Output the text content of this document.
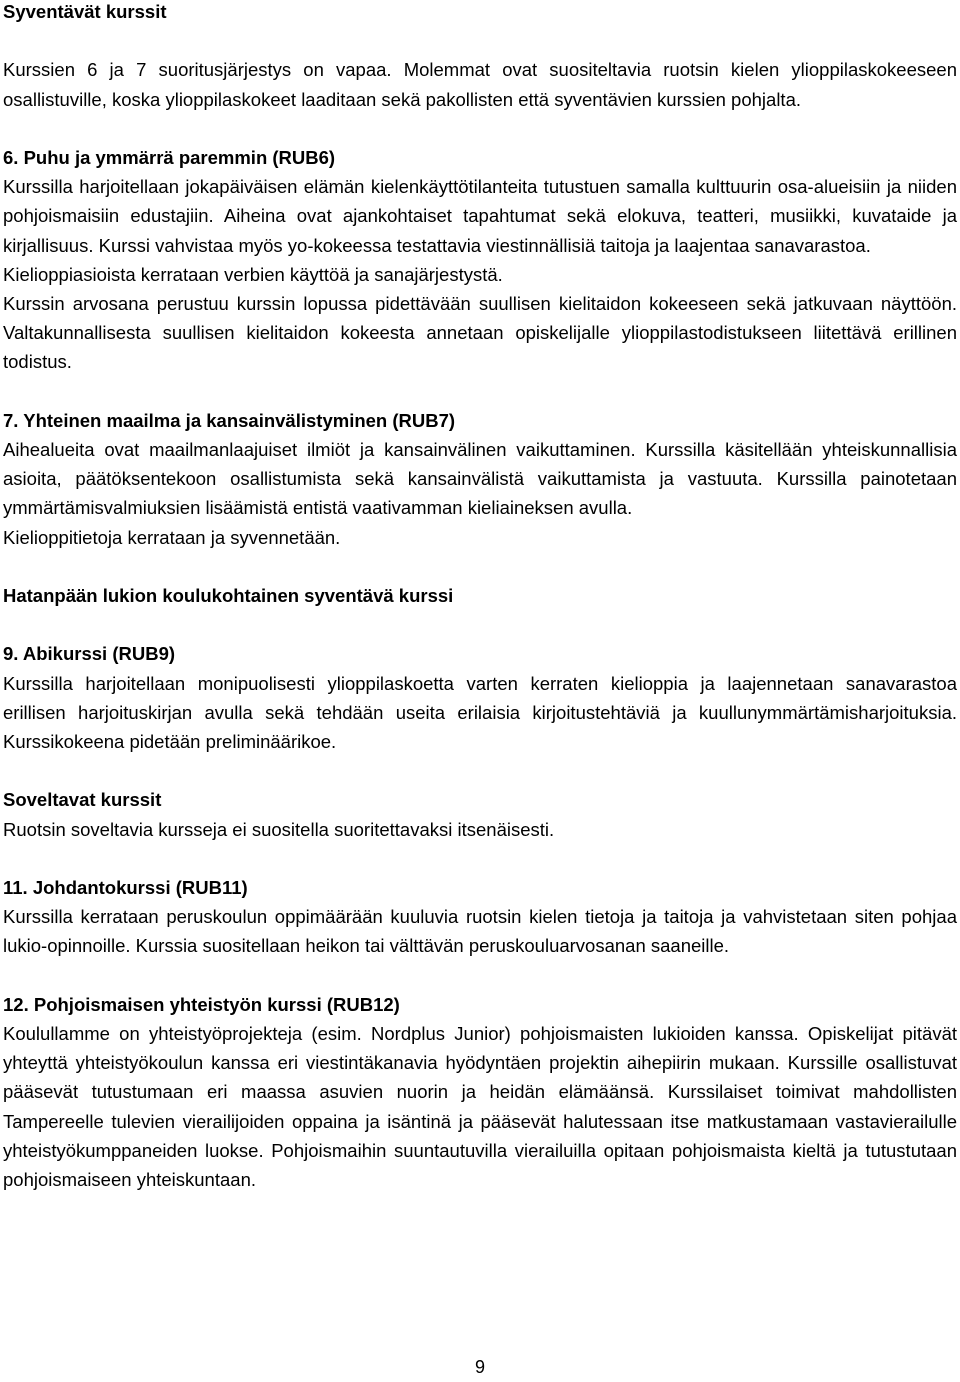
Syventävät kurssit

Kurssien 6 ja 7 suoritusjärjestys on vapaa. Molemmat ovat suositeltavia ruotsin kielen ylioppilaskokeeseen osallistuville, koska ylioppilaskokeet laaditaan sekä pakollisten että syventävien kurssien pohjalta.

6. Puhu ja ymmärrä paremmin (RUB6)

Kurssilla harjoitellaan jokapäiväisen elämän kielenkäyttötilanteita tutustuen samalla kulttuurin osa-alueisiin ja niiden pohjoismaisiin edustajiin. Aiheina ovat ajankohtaiset tapahtumat sekä elokuva, teatteri, musiikki, kuvataide ja kirjallisuus. Kurssi vahvistaa myös yo-kokeessa testattavia viestinnällisiä taitoja ja laajentaa sanavarastoa.

Kielioppiasioista kerrataan verbien käyttöä ja sanajärjestystä.

Kurssin arvosana perustuu kurssin lopussa pidettävään suullisen kielitaidon kokeeseen sekä jatkuvaan näyttöön. Valtakunnallisesta suullisen kielitaidon kokeesta annetaan opiskelijalle ylioppilastodistukseen liitettävä erillinen todistus.

7. Yhteinen maailma ja kansainvälistyminen (RUB7)

Aihealueita ovat maailmanlaajuiset ilmiöt ja kansainvälinen vaikuttaminen. Kurssilla käsitellään yhteiskunnallisia asioita, päätöksentekoon osallistumista sekä kansainvälistä vaikuttamista ja vastuuta. Kurssilla painotetaan ymmärtämisvalmiuksien lisäämistä entistä vaativamman kieliaineksen avulla.

Kielioppitietoja kerrataan ja syvennetään.

Hatanpään lukion koulukohtainen syventävä kurssi

9. Abikurssi (RUB9)

Kurssilla harjoitellaan monipuolisesti ylioppilaskoetta varten kerraten kielioppia ja laajennetaan sanavarastoa erillisen harjoituskirjan avulla sekä tehdään useita erilaisia kirjoitustehtäviä ja kuullunymmärtämisharjoituksia. Kurssikokeena pidetään preliminäärikoe.

Soveltavat kurssit

Ruotsin soveltavia kursseja ei suositella suoritettavaksi itsenäisesti.

11. Johdantokurssi (RUB11)

Kurssilla kerrataan peruskoulun oppimäärään kuuluvia ruotsin kielen tietoja ja taitoja ja vahvistetaan siten pohjaa lukio-opinnoille. Kurssia suositellaan heikon tai välttävän peruskouluarvosanan saaneille.

12. Pohjoismaisen yhteistyön kurssi (RUB12)

Koulullamme on yhteistyöprojekteja (esim. Nordplus Junior) pohjoismaisten lukioiden kanssa. Opiskelijat pitävät yhteyttä yhteistyökoulun kanssa eri viestintäkanavia hyödyntäen projektin aihepiirin mukaan. Kurssille osallistuvat pääsevät tutustumaan eri maassa asuvien nuorin ja heidän elämäänsä. Kurssilaiset toimivat mahdollisten Tampereelle tulevien vierailijoiden oppaina ja isäntinä ja pääsevät halutessaan itse matkustamaan vastavierailulle yhteistyökumppaneiden luokse. Pohjoismaihin suuntautuvilla vierailuilla opitaan pohjoismaista kieltä ja tutustutaan pohjoismaiseen yhteiskuntaan.

9
